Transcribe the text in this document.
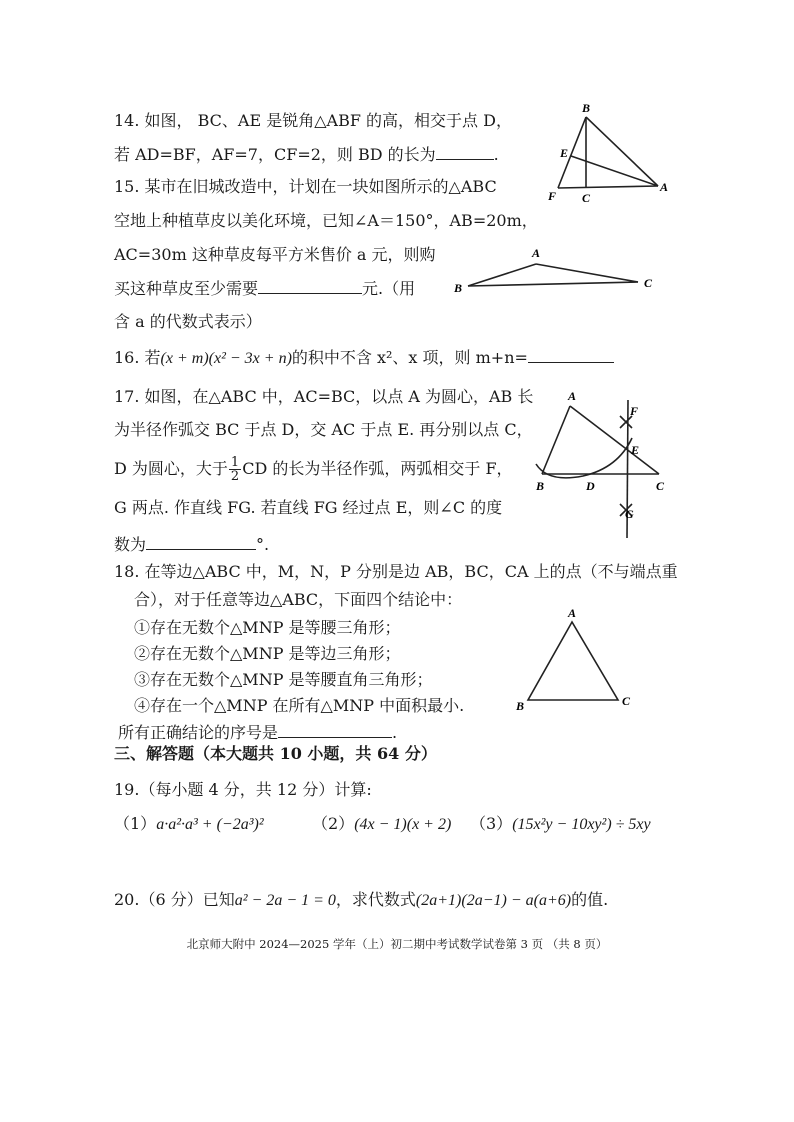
14. 如图， BC、AE 是锐角△ABF 的高，相交于点 D，
若 AD=BF，AF=7，CF=2，则 BD 的长为	.
B
E
F C
A
15. 某市在旧城改造中，计划在一块如图所示的△ABC
空地上种植草皮以美化环境，已知∠A＝150°，AB=20m，
AC=30m 这种草皮每平方米售价 a 元，则购
买这种草皮至少需要	元.（用
含 a 的代数式表示）
A
B	C
16. 若(x + m)(x² − 3x + n)的积中不含 x²、x 项，则 m+n=
17. 如图，在△ABC 中，AC=BC，以点 A 为圆心，AB 长
为半径作弧交 BC 于点 D，交 AC 于点 E. 再分别以点 C，
D 为圆心，大于 $\frac{1}{2}$ CD 的长为半径作弧，两弧相交于 F，
G 两点. 作直线 FG. 若直线 FG 经过点 E，则∠C 的度
数为	°.
A
F
E
B	D	C
G
18. 在等边△ABC 中，M，N，P 分别是边 AB，BC，CA 上的点（不与端点重
合），对于任意等边△ABC，下面四个结论中：
①存在无数个△MNP 是等腰三角形；
②存在无数个△MNP 是等边三角形；
③存在无数个△MNP 是等腰直角三角形；
④存在一个△MNP 在所有△MNP 中面积最小.
所有正确结论的序号是	.
A
B	C
三、解答题（本大题共 10 小题，共 64 分）
19.（每小题 4 分，共 12 分）计算:
（1）a·a²·a³ + (−2a³)²	（2）(4x − 1)(x + 2) （3）(15x²y − 10xy²) ÷ 5xy
20.（6 分）已知a² − 2a − 1 = 0，求代数式(2a+1)(2a−1) − a(a+6)的值.
北京师大附中 2024—2025 学年（上）初二期中考试数学试卷第 3 页 （共 8 页）
